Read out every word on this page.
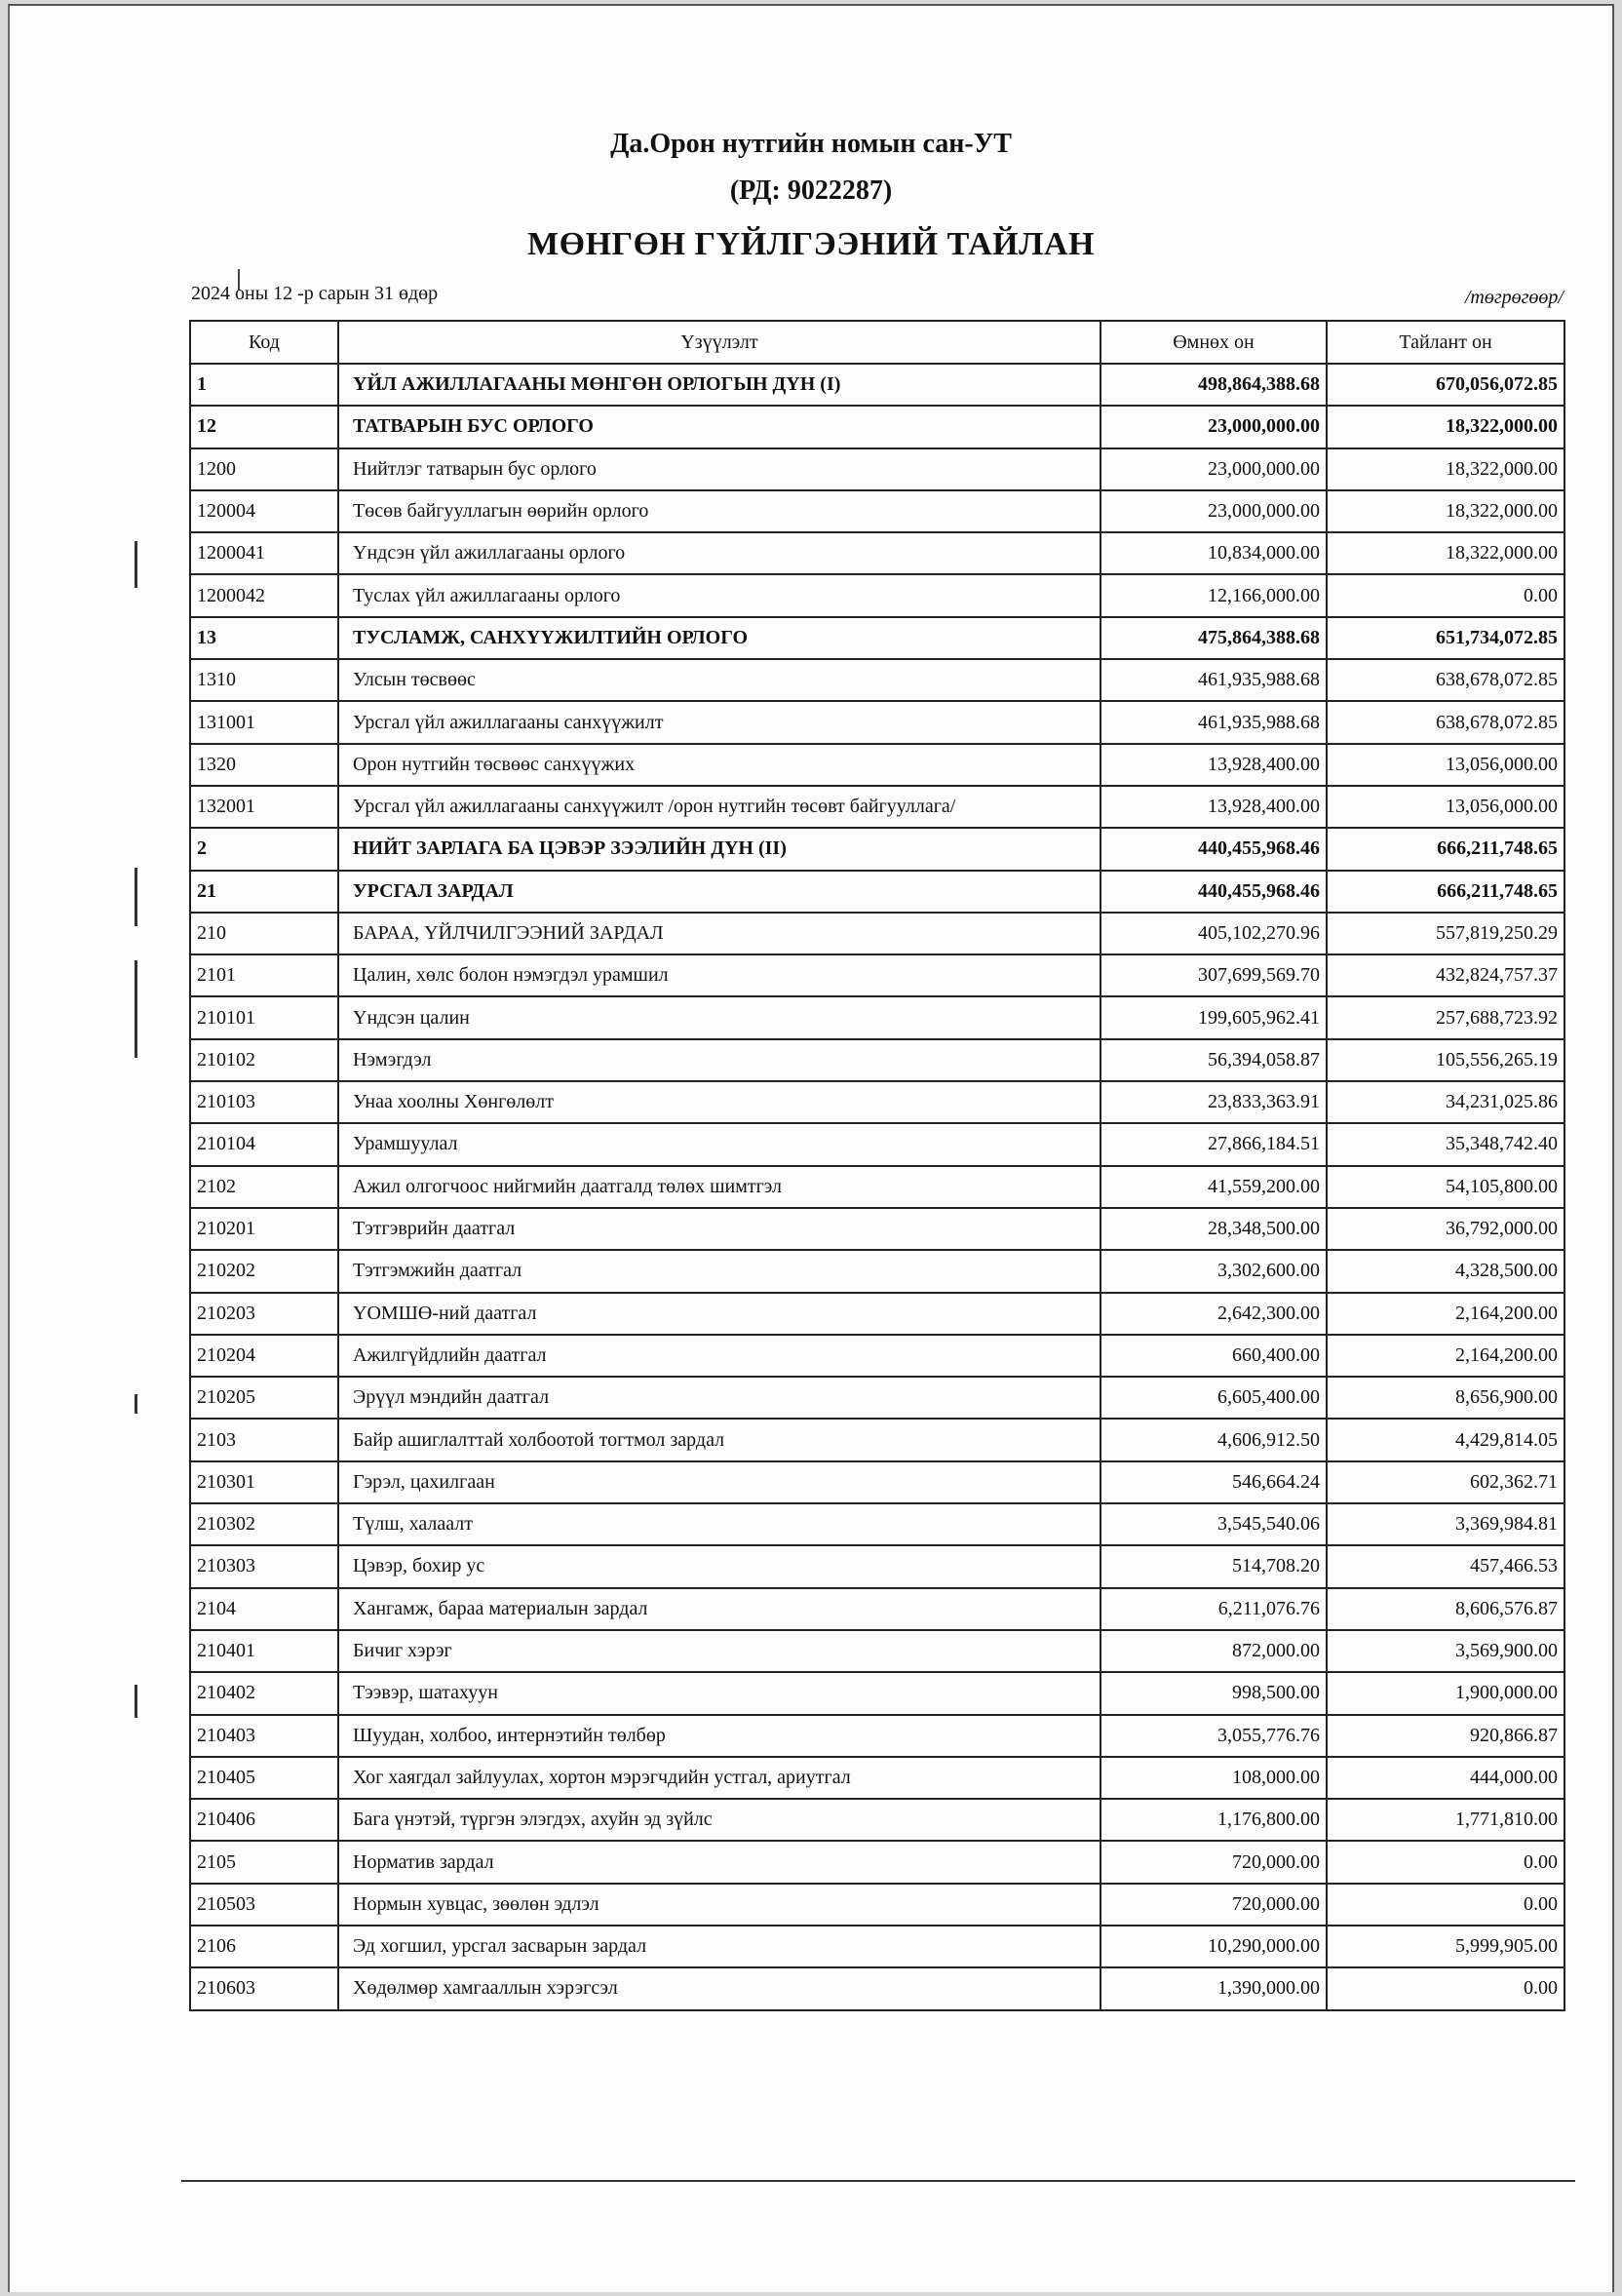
Да.Орон нутгийн номын сан-УТ
(РД: 9022287)
МӨНГӨН ГҮЙЛГЭЭНИЙ ТАЙЛАН
2024 оны 12 -р сарын 31 өдөр	/төгрөгөөр/
Код	Үзүүлэлт	Өмнөх он	Тайлант он
1	ҮЙЛ АЖИЛЛАГААНЫ МӨНГӨН ОРЛОГЫН ДҮН (I)	498,864,388.68	670,056,072.85
12	ТАТВАРЫН БУС ОРЛОГО	23,000,000.00	18,322,000.00
1200	Нийтлэг татварын бус орлого	23,000,000.00	18,322,000.00
120004	Төсөв байгууллагын өөрийн орлого	23,000,000.00	18,322,000.00
1200041	Үндсэн үйл ажиллагааны орлого	10,834,000.00	18,322,000.00
1200042	Туслах үйл ажиллагааны орлого	12,166,000.00	0.00
13	ТУСЛАМЖ, САНХҮҮЖИЛТИЙН ОРЛОГО	475,864,388.68	651,734,072.85
1310	Улсын төсвөөс	461,935,988.68	638,678,072.85
131001	Урсгал үйл ажиллагааны санхүүжилт	461,935,988.68	638,678,072.85
1320	Орон нутгийн төсвөөс санхүүжих	13,928,400.00	13,056,000.00
132001	Урсгал үйл ажиллагааны санхүүжилт /орон нутгийн төсөвт байгууллага/	13,928,400.00	13,056,000.00
2	НИЙТ ЗАРЛАГА БА ЦЭВЭР ЗЭЭЛИЙН ДҮН (II)	440,455,968.46	666,211,748.65
21	УРСГАЛ ЗАРДАЛ	440,455,968.46	666,211,748.65
210	БАРАА, ҮЙЛЧИЛГЭЭНИЙ ЗАРДАЛ	405,102,270.96	557,819,250.29
2101	Цалин, хөлс болон нэмэгдэл урамшил	307,699,569.70	432,824,757.37
210101	Үндсэн цалин	199,605,962.41	257,688,723.92
210102	Нэмэгдэл	56,394,058.87	105,556,265.19
210103	Унаа хоолны Хөнгөлөлт	23,833,363.91	34,231,025.86
210104	Урамшуулал	27,866,184.51	35,348,742.40
2102	Ажил олгогчоос нийгмийн даатгалд төлөх шимтгэл	41,559,200.00	54,105,800.00
210201	Тэтгэврийн даатгал	28,348,500.00	36,792,000.00
210202	Тэтгэмжийн даатгал	3,302,600.00	4,328,500.00
210203	ҮОМШӨ-ний даатгал	2,642,300.00	2,164,200.00
210204	Ажилгүйдлийн даатгал	660,400.00	2,164,200.00
210205	Эрүүл мэндийн даатгал	6,605,400.00	8,656,900.00
2103	Байр ашиглалттай холбоотой тогтмол зардал	4,606,912.50	4,429,814.05
210301	Гэрэл, цахилгаан	546,664.24	602,362.71
210302	Түлш, халаалт	3,545,540.06	3,369,984.81
210303	Цэвэр, бохир ус	514,708.20	457,466.53
2104	Хангамж, бараа материалын зардал	6,211,076.76	8,606,576.87
210401	Бичиг хэрэг	872,000.00	3,569,900.00
210402	Тээвэр, шатахуун	998,500.00	1,900,000.00
210403	Шуудан, холбоо, интернэтийн төлбөр	3,055,776.76	920,866.87
210405	Хог хаягдал зайлуулах, хортон мэрэгчдийн устгал, ариутгал	108,000.00	444,000.00
210406	Бага үнэтэй, түргэн элэгдэх, ахуйн эд зүйлс	1,176,800.00	1,771,810.00
2105	Норматив зардал	720,000.00	0.00
210503	Нормын хувцас, зөөлөн эдлэл	720,000.00	0.00
2106	Эд хогшил, урсгал засварын зардал	10,290,000.00	5,999,905.00
210603	Хөдөлмөр хамгааллын хэрэгсэл	1,390,000.00	0.00
